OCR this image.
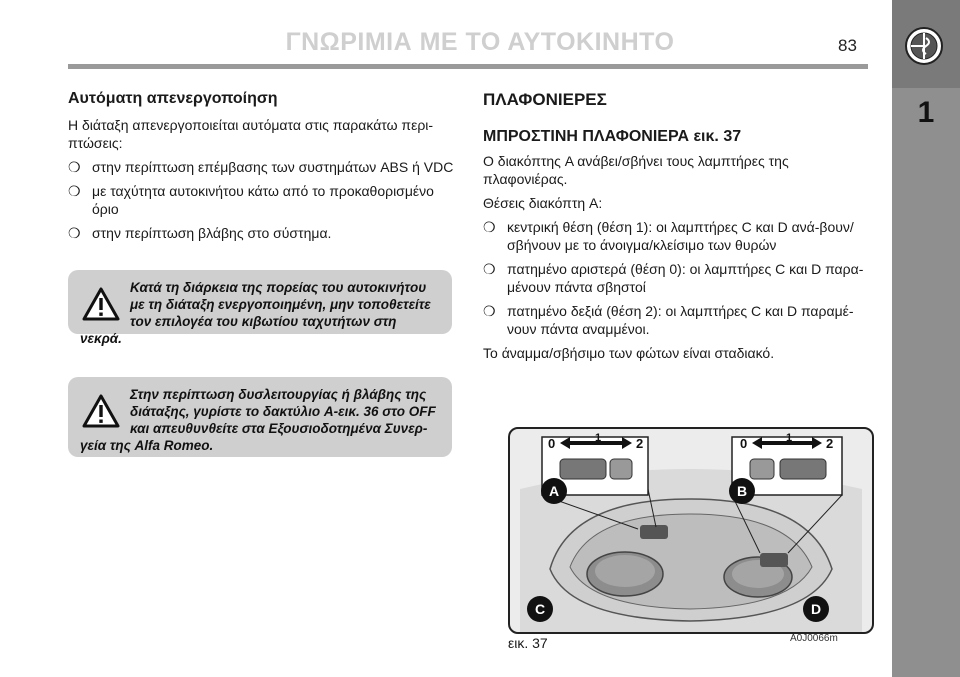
ΓΝΩΡΙΜΙΑ ΜΕ ΤΟ ΑΥΤΟΚΙΝΗΤΟ	83
1
Αυτόματη απενεργοποίηση
Η διάταξη απενεργοποιείται αυτόματα στις παρακάτω περι-πτώσεις:
❍ στην περίπτωση επέμβασης των συστημάτων ABS ή VDC
❍ με ταχύτητα αυτοκινήτου κάτω από το προκαθορισμένο όριο
❍ στην περίπτωση βλάβης στο σύστημα.
Κατά τη διάρκεια της πορείας του αυτοκινήτου με τη διάταξη ενεργοποιημένη, μην τοποθετείτε τον επιλογέα του κιβωτίου ταχυτήτων στη νεκρά.
Στην περίπτωση δυσλειτουργίας ή βλάβης της διάταξης, γυρίστε το δακτύλιο A-εικ. 36 στο OFF και απευθυνθείτε στα Εξουσιοδοτημένα Συνερ-γεία της Alfa Romeo.
ΠΛΑΦΟΝΙΕΡΕΣ
ΜΠΡΟΣΤΙΝΗ ΠΛΑΦΟΝΙΕΡΑ εικ. 37
Ο διακόπτης A ανάβει/σβήνει τους λαμπτήρες της πλαφονιέρας.
Θέσεις διακόπτη A:
❍ κεντρική θέση (θέση 1): οι λαμπτήρες C και D ανά-βουν/σβήνουν με το άνοιγμα/κλείσιμο των θυρών
❍ πατημένο αριστερά (θέση 0): οι λαμπτήρες C και D παρα-μένουν πάντα σβηστοί
❍ πατημένο δεξιά (θέση 2): οι λαμπτήρες C και D παραμέ-νουν πάντα αναμμένοι.
Το άναμμα/σβήσιμο των φώτων είναι σταδιακό.
0	1	2	0	1	2
A	B
C	D
εικ. 37	A0J0066m
